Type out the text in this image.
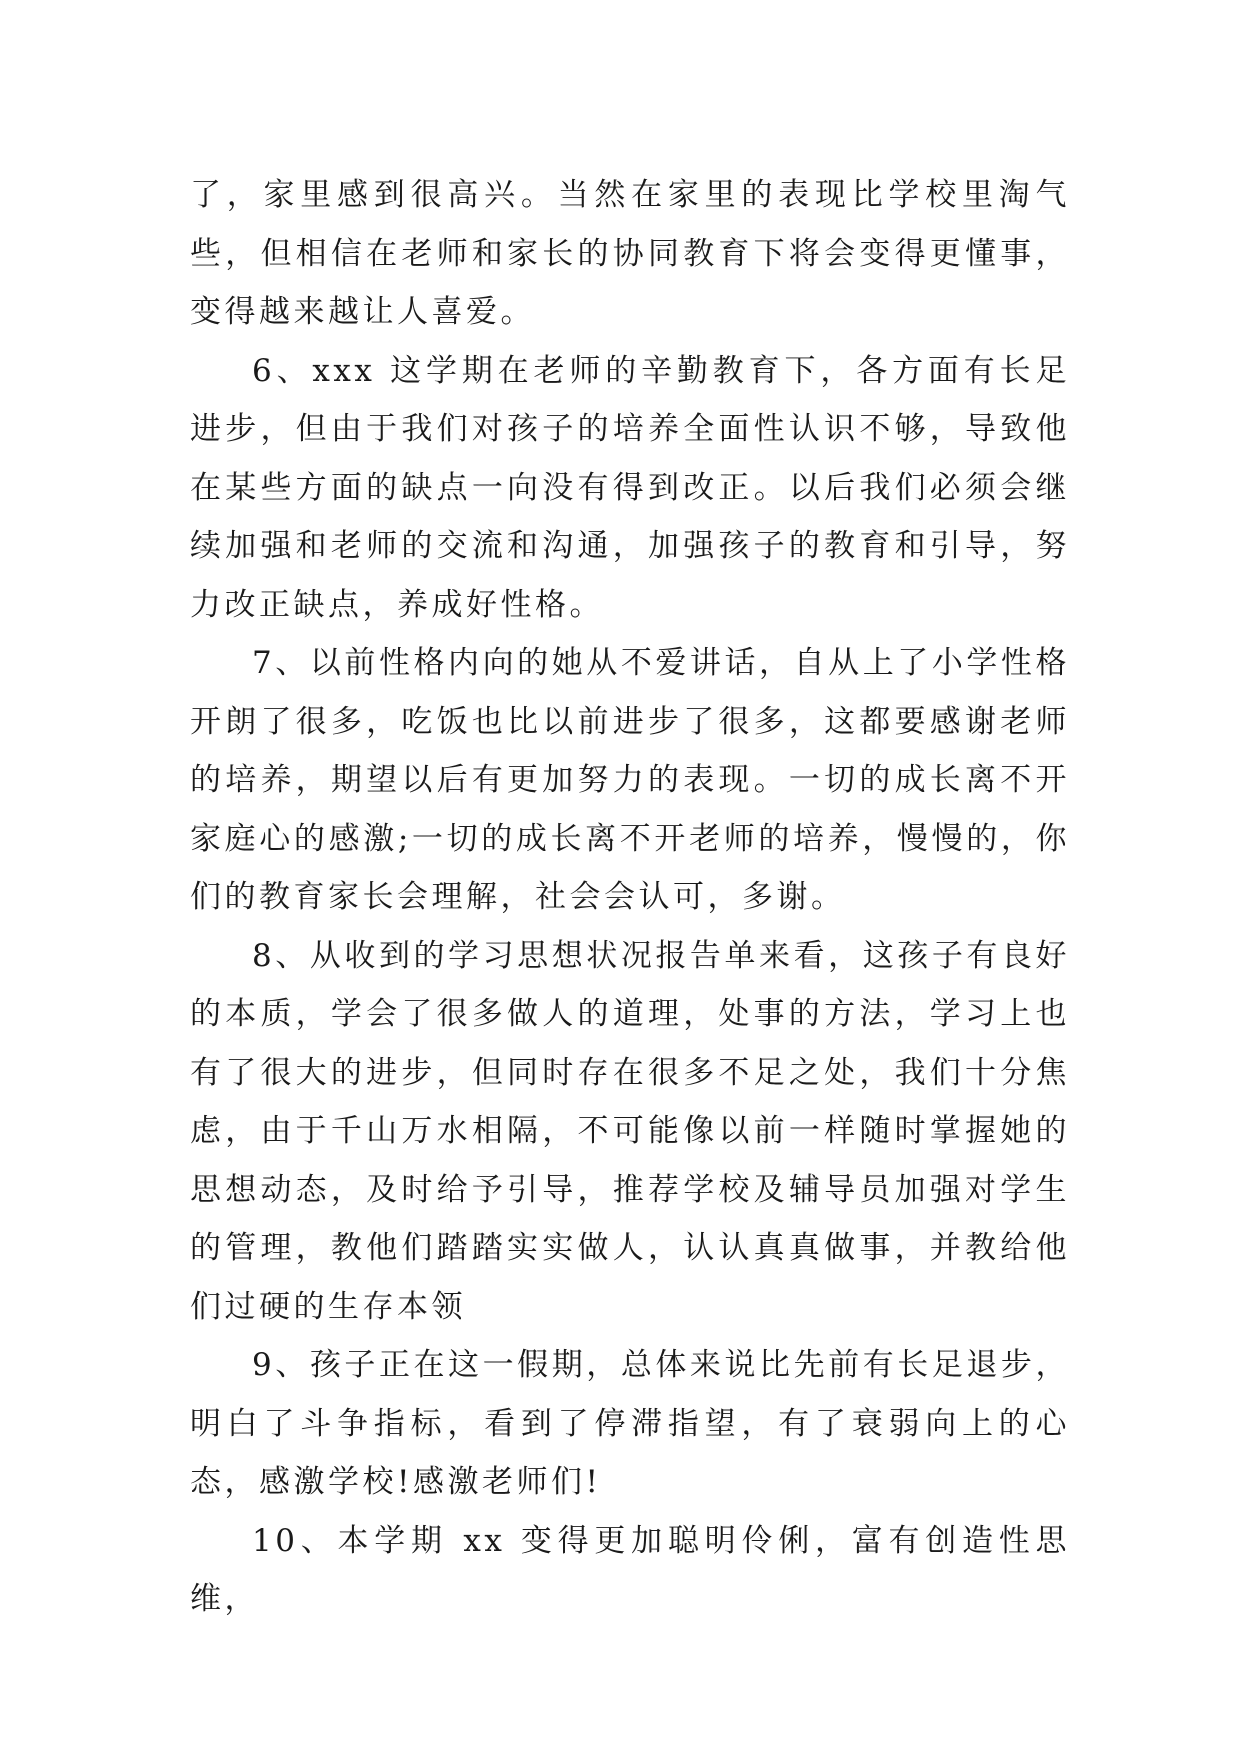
了，家里感到很高兴。当然在家里的表现比学校里淘气些，但相信在老师和家长的协同教育下将会变得更懂事，变得越来越让人喜爱。

6、xxx 这学期在老师的辛勤教育下，各方面有长足进步，但由于我们对孩子的培养全面性认识不够，导致他在某些方面的缺点一向没有得到改正。以后我们必须会继续加强和老师的交流和沟通，加强孩子的教育和引导，努力改正缺点，养成好性格。

7、以前性格内向的她从不爱讲话，自从上了小学性格开朗了很多，吃饭也比以前进步了很多，这都要感谢老师的培养，期望以后有更加努力的表现。一切的成长离不开家庭心的感激;一切的成长离不开老师的培养，慢慢的，你们的教育家长会理解，社会会认可，多谢。

8、从收到的学习思想状况报告单来看，这孩子有良好的本质，学会了很多做人的道理，处事的方法，学习上也有了很大的进步，但同时存在很多不足之处，我们十分焦虑，由于千山万水相隔，不可能像以前一样随时掌握她的思想动态，及时给予引导，推荐学校及辅导员加强对学生的管理，教他们踏踏实实做人，认认真真做事，并教给他们过硬的生存本领

9、孩子正在这一假期，总体来说比先前有长足退步，明白了斗争指标，看到了停滞指望，有了衰弱向上的心态，感激学校!感激老师们!

10、本学期 xx 变得更加聪明伶俐，富有创造性思维，
